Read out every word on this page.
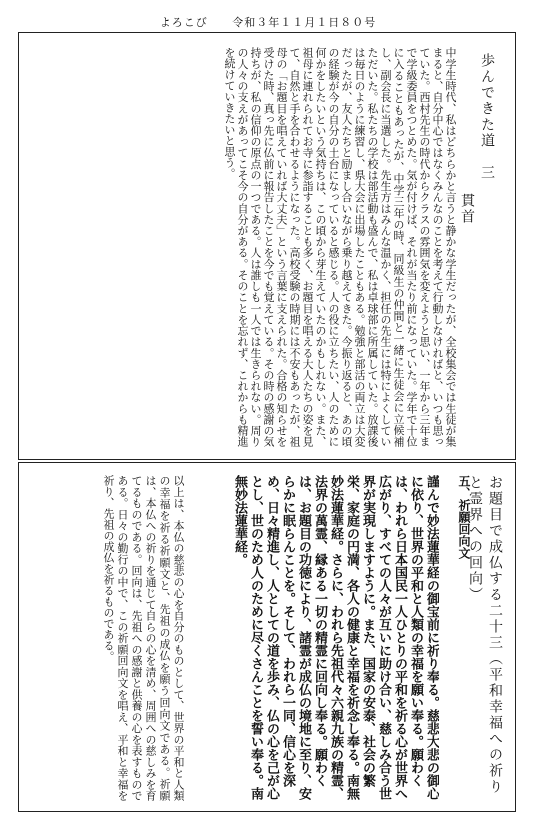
よろこび 令和３年１１月１日８０号

歩んできた道　三

貫首

中学生時代、私はどちらかと言うと静かな学生だったが、全校集会では生徒が集まると、自分中心ではなくみんなのことを考えて行動しなければと、いつも思っていた。西村先生の時代からクラスの雰囲気を変えようと思い、一年から三年まで学級委員をつとめた。気が付けば、それが当たり前になっていた。学年で十位に入ることもあったが、中学三年の時、同級生の仲間と一緒に生徒会に立候補し、副会長に当選した。先生方はみんな温かく、担任の先生には特によくしていただいた。私たちの学校は部活動も盛んで、私は卓球部に所属していた。放課後は毎日のように練習し、県大会に出場したこともある。勉強と部活の両立は大変だったが、友人たちと励まし合いながら乗り越えてきた。今振り返ると、あの頃の経験が今の自分の土台になっていると感じる。人の役に立ちたい、人のために何かをしたいという気持ちは、この頃から芽生えていたのかもしれない。また、祖母に連れられてお寺に参詣することも多く、お題目を唱える大人たちの姿を見て、自然と手を合わせるようになった。高校受験の時期には不安もあったが、祖母の「お題目を唱えていれば大丈夫」という言葉に支えられた。合格の知らせを受けた時、真っ先に仏前に報告したことを今でも覚えている。その時の感謝の気持ちが、私の信仰の原点の一つである。人は誰しも一人では生きられない。周りの人々の支えがあってこそ今の自分がある。そのことを忘れず、これからも精進を続けていきたいと思う。

お題目で成仏する二十三（平和幸福への祈りと霊界への回向）
五、祈願回向文

謹んで妙法蓮華経の御宝前に祈り奉る。慈悲大悲の御心に依り、世界の平和と人類の幸福を願い奉る。願わくは、われら日本国民一人ひとりの平和を祈る心が世界へ広がり、すべての人々が互いに助け合い、慈しみ合う世界が実現しますように。また、国家の安泰、社会の繁栄、家庭の円満、各人の健康と幸福を祈念し奉る。南無妙法蓮華経。さらに、われら先祖代々六親九族の精霊、法界の萬霊、縁ある一切の精霊に回向し奉る。願わくは、お題目の功徳により、諸霊が成仏の境地に至り、安らかに眠らんことを。そして、われら一同、信心を深め、日々精進し、人としての道を歩み、仏の心を己が心とし、世のため人のために尽くさんことを誓い奉る。南無妙法蓮華経。

以上は、本仏の慈悲の心を自分のものとして、世界の平和と人類の幸福を祈る祈願文と、先祖の成仏を願う回向文である。祈願は、本仏への祈りを通じて自らの心を清め、周囲への慈しみを育てるものである。回向は、先祖への感謝と供養の心を表すものである。日々の勤行の中で、この祈願回向文を唱え、平和と幸福を祈り、先祖の成仏を祈るものである。
